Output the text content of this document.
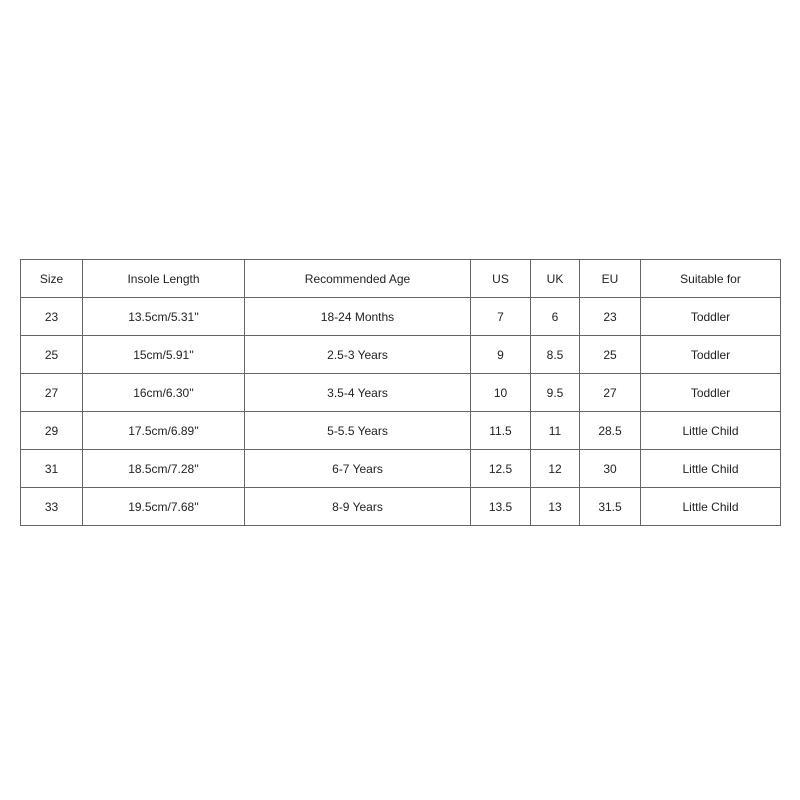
Size	Insole Length	Recommended Age	US	UK	EU	Suitable for
23	13.5cm/5.31''	18-24 Months	7	6	23	Toddler
25	15cm/5.91''	2.5-3 Years	9	8.5	25	Toddler
27	16cm/6.30''	3.5-4 Years	10	9.5	27	Toddler
29	17.5cm/6.89''	5-5.5 Years	11.5	11	28.5	Little Child
31	18.5cm/7.28''	6-7 Years	12.5	12	30	Little Child
33	19.5cm/7.68''	8-9 Years	13.5	13	31.5	Little Child
